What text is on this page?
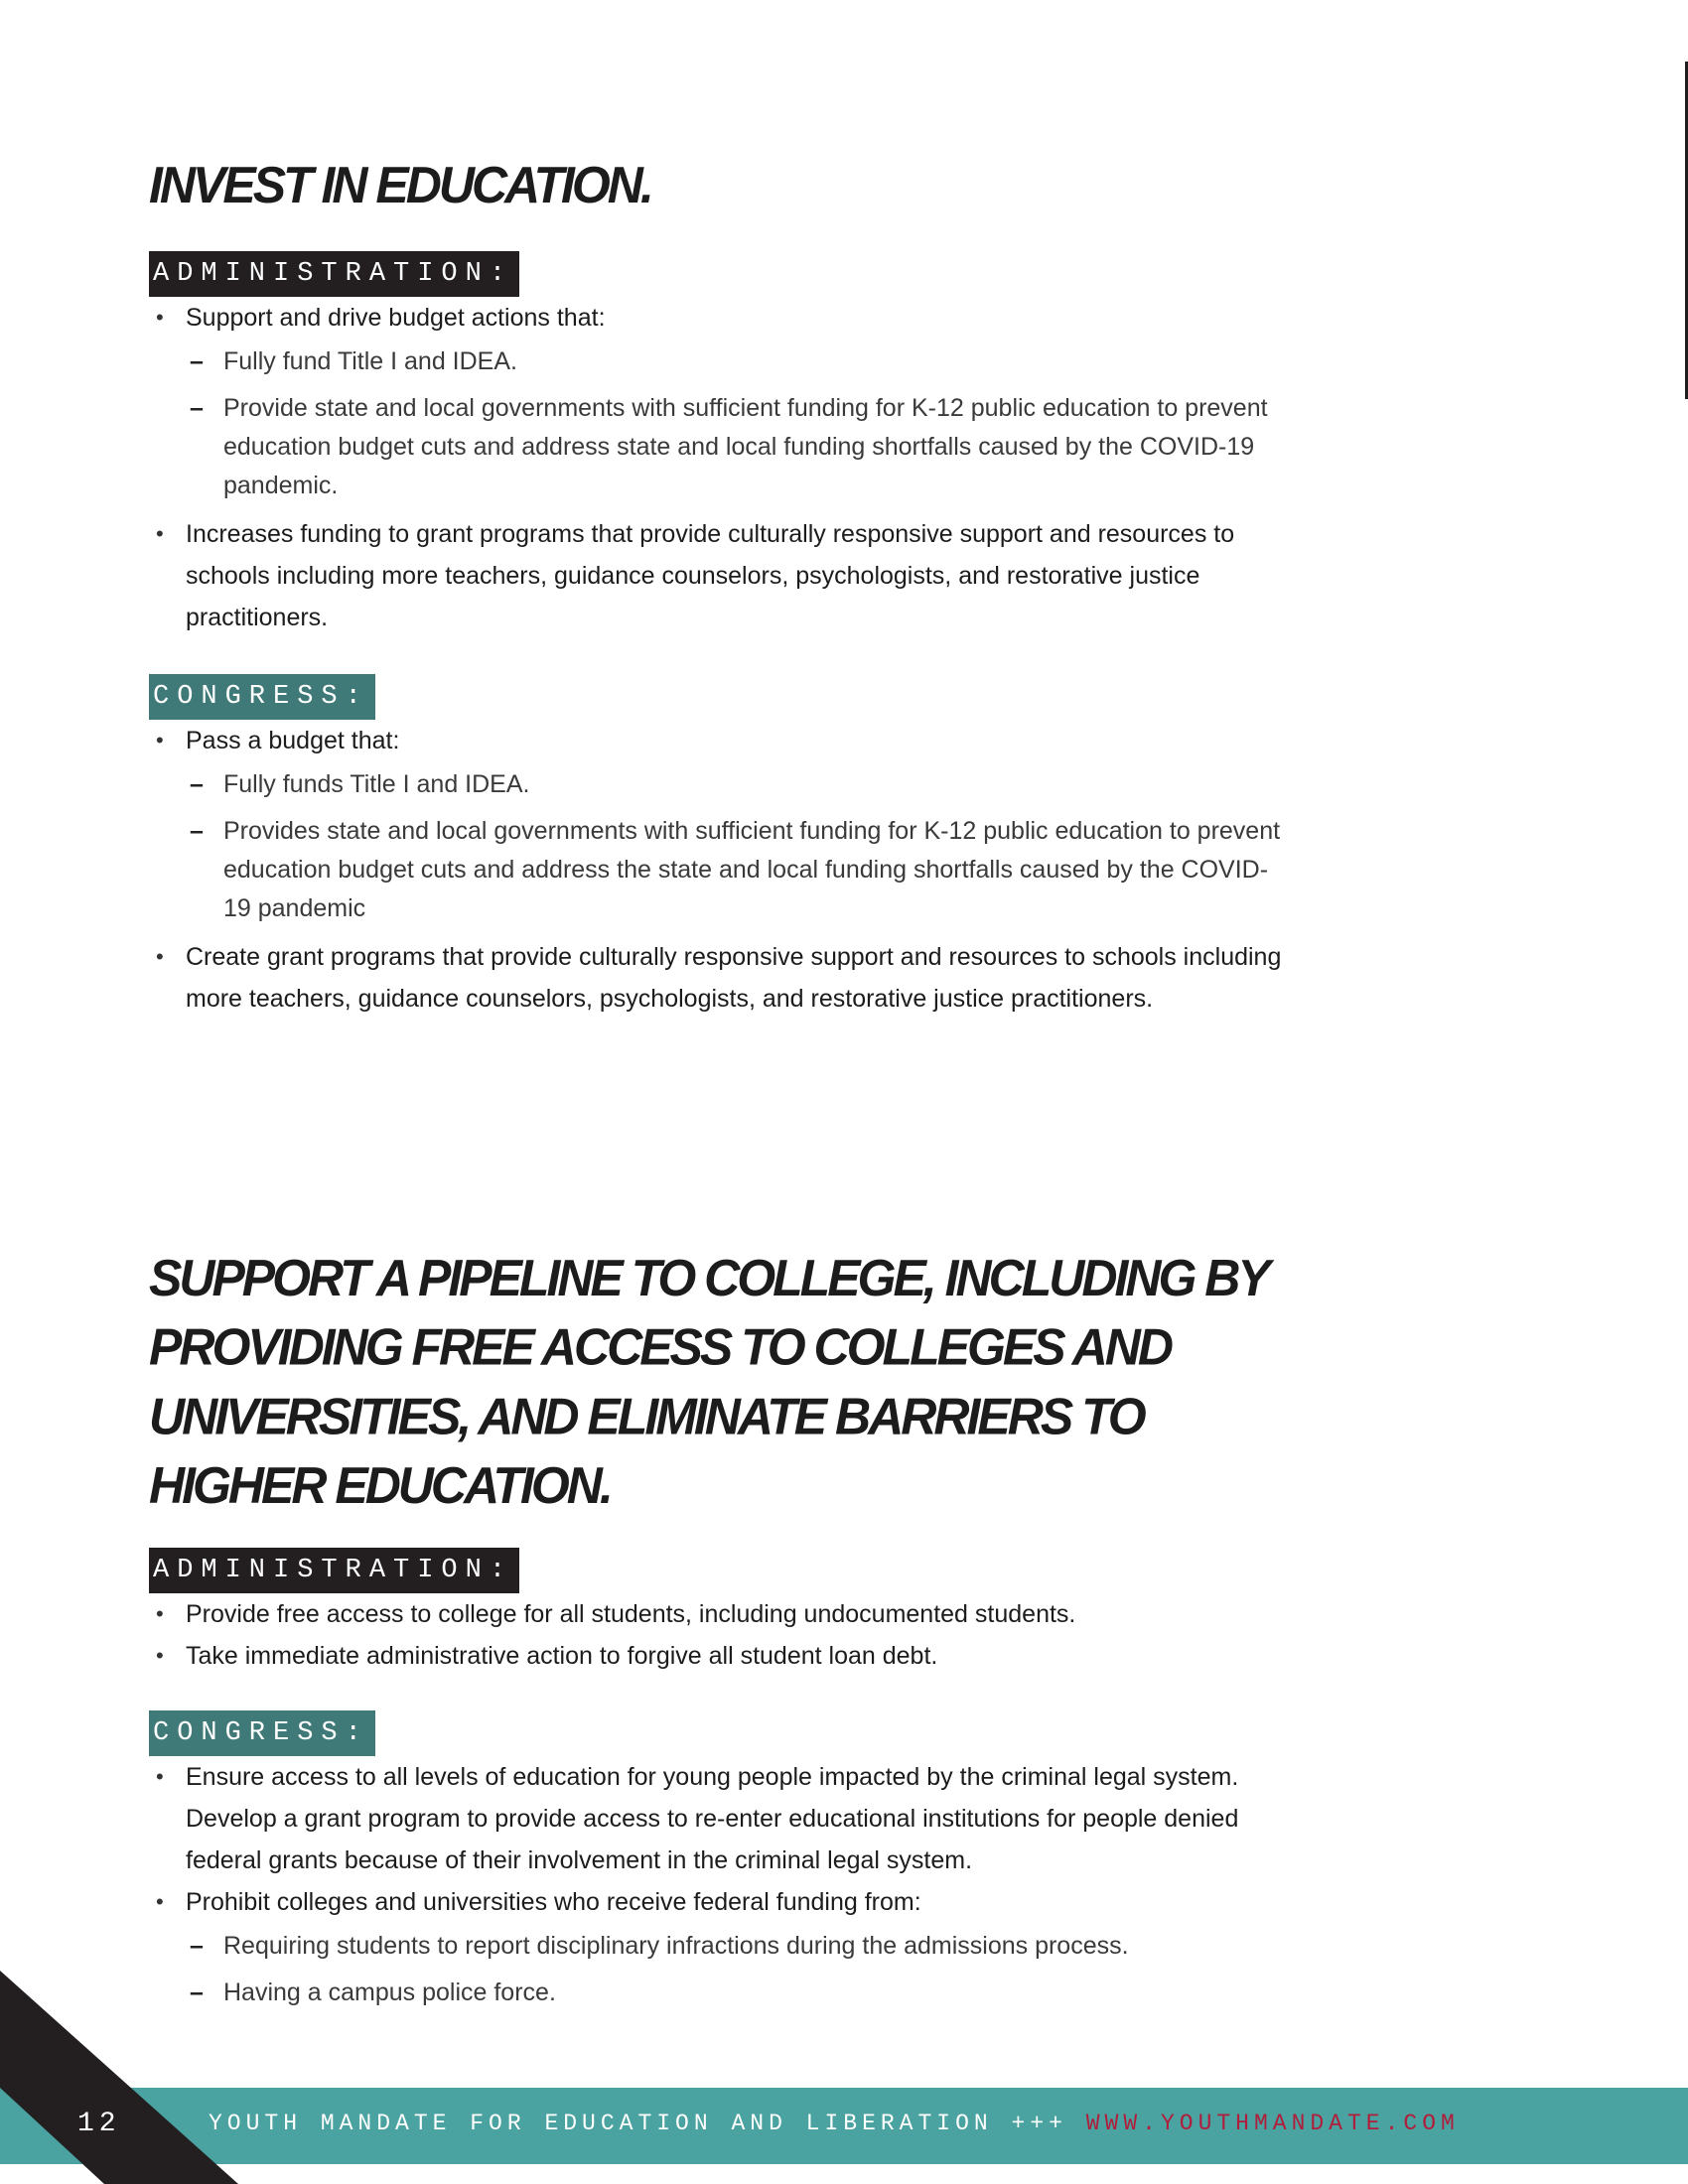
INVEST IN EDUCATION.
ADMINISTRATION:
• Support and drive budget actions that:
– Fully fund Title I and IDEA.
– Provide state and local governments with sufficient funding for K-12 public education to prevent education budget cuts and address state and local funding shortfalls caused by the COVID-19 pandemic.
• Increases funding to grant programs that provide culturally responsive support and resources to schools including more teachers, guidance counselors, psychologists, and restorative justice practitioners.
CONGRESS:
• Pass a budget that:
– Fully funds Title I and IDEA.
– Provides state and local governments with sufficient funding for K-12 public education to prevent education budget cuts and address the state and local funding shortfalls caused by the COVID-19 pandemic
• Create grant programs that provide culturally responsive support and resources to schools including more teachers, guidance counselors, psychologists, and restorative justice practitioners.
SUPPORT A PIPELINE TO COLLEGE, INCLUDING BY PROVIDING FREE ACCESS TO COLLEGES AND UNIVERSITIES, AND ELIMINATE BARRIERS TO HIGHER EDUCATION.
ADMINISTRATION:
• Provide free access to college for all students, including undocumented students.
• Take immediate administrative action to forgive all student loan debt.
CONGRESS:
• Ensure access to all levels of education for young people impacted by the criminal legal system. Develop a grant program to provide access to re-enter educational institutions for people denied federal grants because of their involvement in the criminal legal system.
• Prohibit colleges and universities who receive federal funding from:
– Requiring students to report disciplinary infractions during the admissions process.
– Having a campus police force.
12	YOUTH MANDATE FOR EDUCATION AND LIBERATION +++ WWW.YOUTHMANDATE.COM
